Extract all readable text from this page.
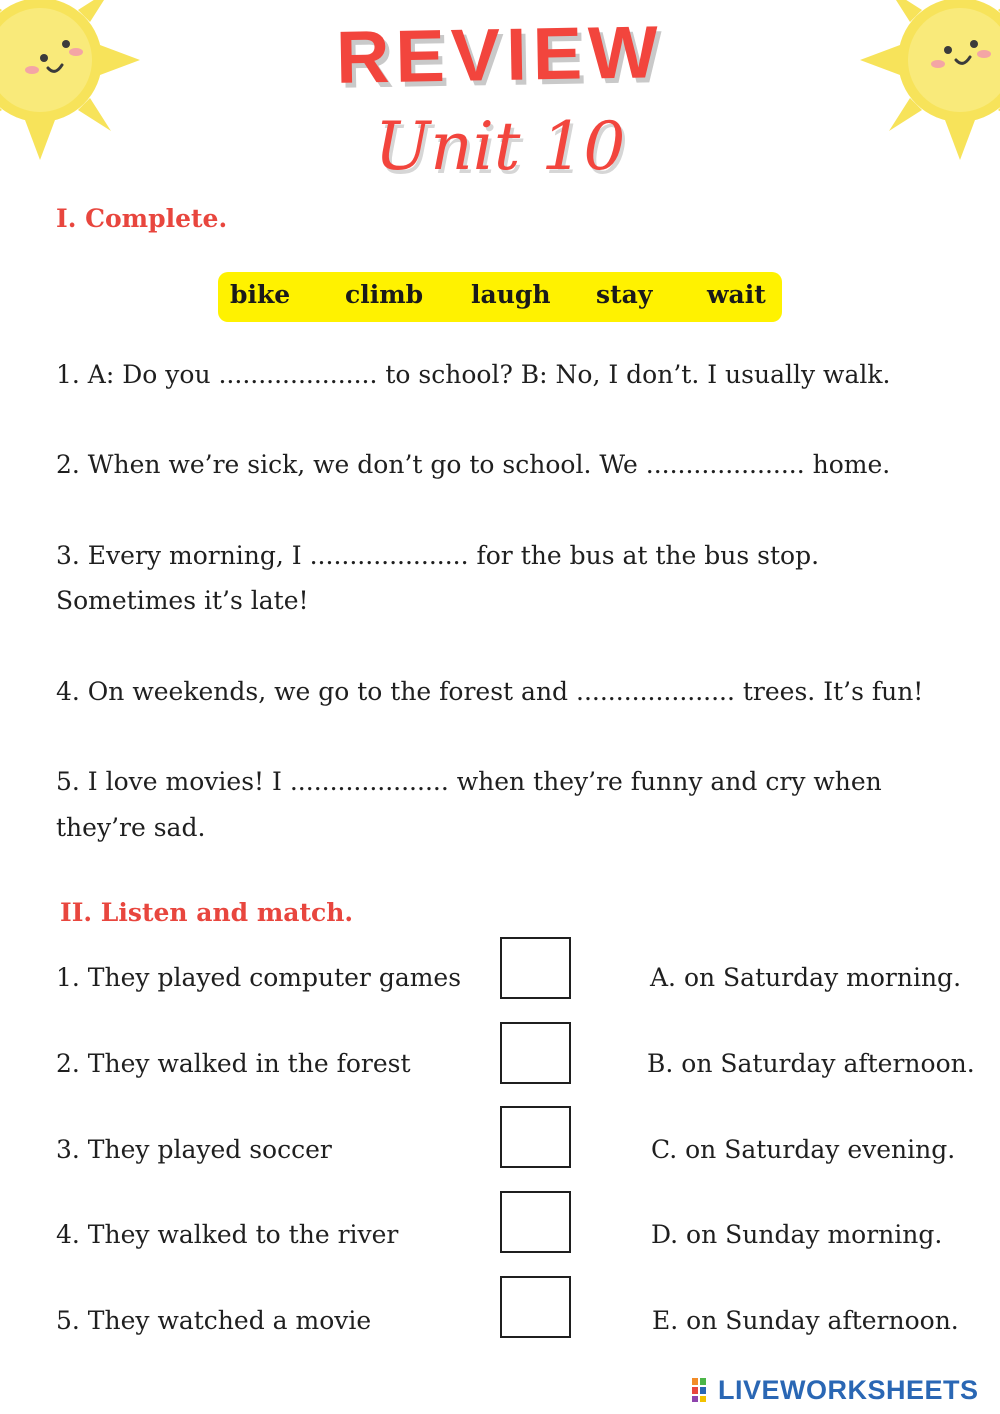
REVIEW
Unit 10
I. Complete.
bike climb laugh stay wait
1. A: Do you .................... to school? B: No, I don’t. I usually walk.
2. When we’re sick, we don’t go to school. We .................... home.
3. Every morning, I .................... for the bus at the bus stop.
Sometimes it’s late!
4. On weekends, we go to the forest and .................... trees. It’s fun!
5. I love movies! I .................... when they’re funny and cry when
they’re sad.
II. Listen and match.
1. They played computer games
2. They walked in the forest
3. They played soccer
4. They walked to the river
5. They watched a movie
A. on Saturday morning.
B. on Saturday afternoon.
C. on Saturday evening.
D. on Sunday morning.
E. on Sunday afternoon.
LIVEWORKSHEETS
